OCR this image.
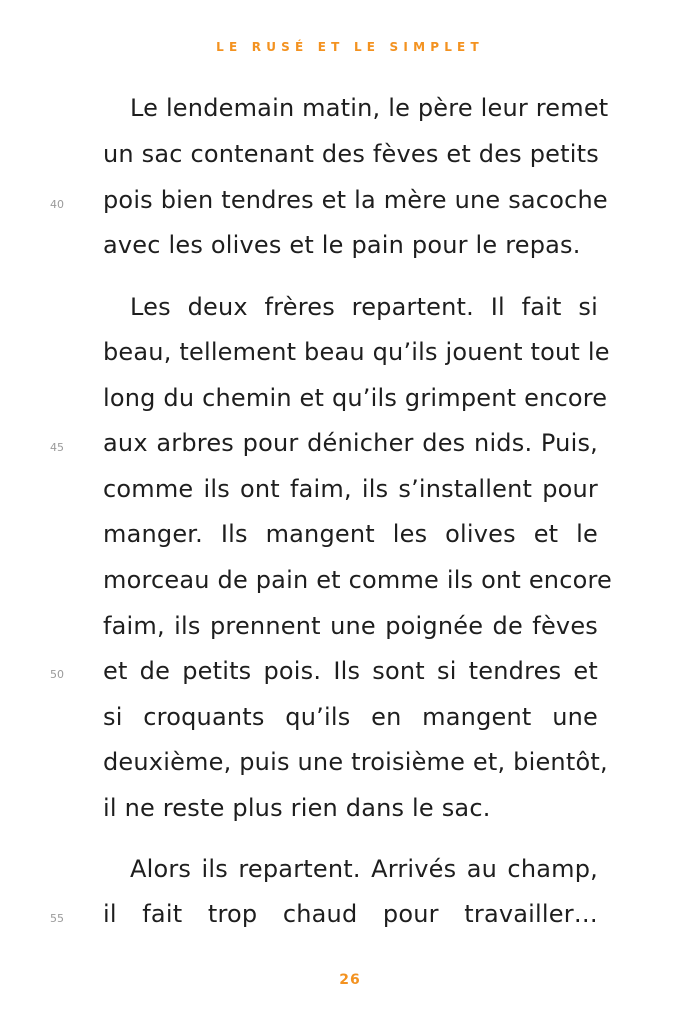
LE RUSÉ ET LE SIMPLET
40
45
50
55
Le lendemain matin, le père leur remet
un sac contenant des fèves et des petits
pois bien tendres et la mère une sacoche
avec les olives et le pain pour le repas.
Les deux frères repartent. Il fait si
beau, tellement beau qu’ils jouent tout le
long du chemin et qu’ils grimpent encore
aux arbres pour dénicher des nids. Puis,
comme ils ont faim, ils s’installent pour
manger. Ils mangent les olives et le
morceau de pain et comme ils ont encore
faim, ils prennent une poignée de fèves
et de petits pois. Ils sont si tendres et
si croquants qu’ils en mangent une
deuxième, puis une troisième et, bientôt,
il ne reste plus rien dans le sac.
Alors ils repartent. Arrivés au champ,
il fait trop chaud pour travailler…
26
